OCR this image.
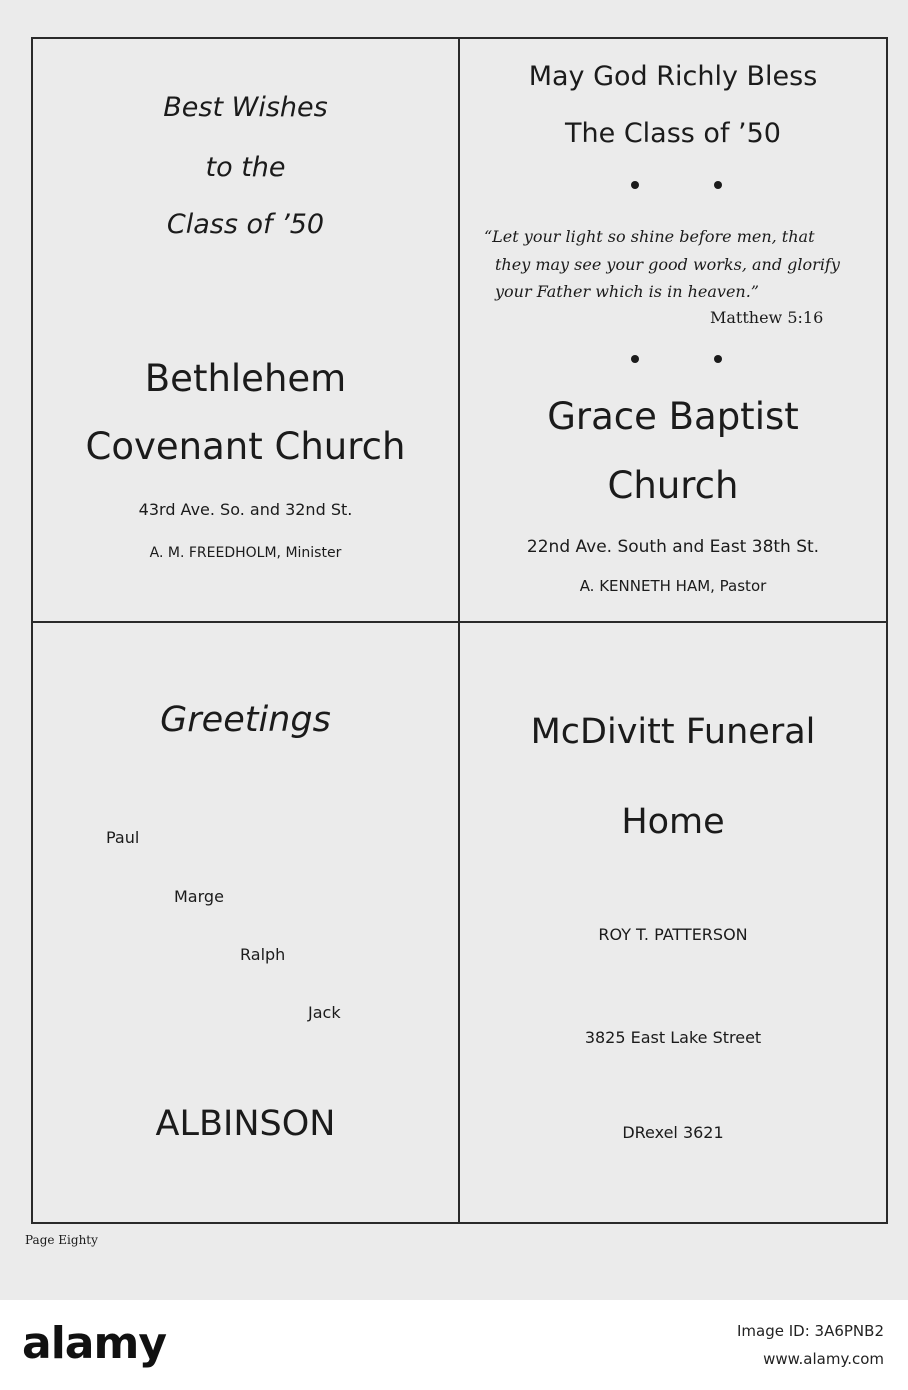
Best Wishes
to the
Class of ’50
Bethlehem
Covenant Church
43rd Ave. So. and 32nd St.
A. M. FREEDHOLM, Minister
May God Richly Bless
The Class of ’50
“Let your light so shine before men, that
they may see your good works, and glorify
your Father which is in heaven.”
Matthew 5:16
Grace Baptist
Church
22nd Ave. South and East 38th St.
A. KENNETH HAM, Pastor
Greetings
Paul
Marge
Ralph
Jack
ALBINSON
McDivitt Funeral
Home
ROY T. PATTERSON
3825 East Lake Street
DRexel 3621
Page Eighty
alamy	Image ID: 3A6PNB2
www.alamy.com
